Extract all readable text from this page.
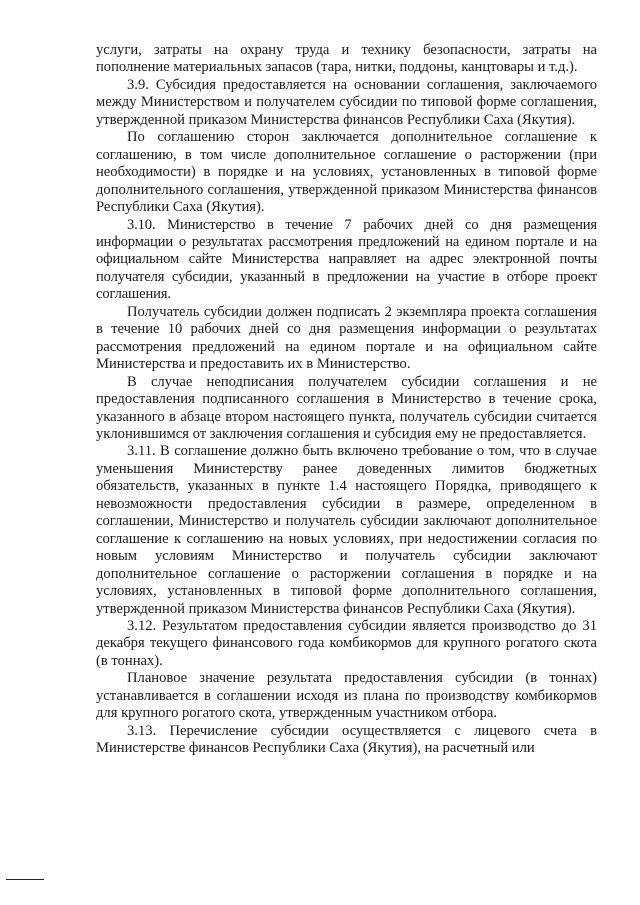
услуги, затраты на охрану труда и технику безопасности, затраты на пополнение материальных запасов (тара, нитки, поддоны, канцтовары и т.д.).

3.9. Субсидия предоставляется на основании соглашения, заключаемого между Министерством и получателем субсидии по типовой форме соглашения, утвержденной приказом Министерства финансов Республики Саха (Якутия).

По соглашению сторон заключается дополнительное соглашение к соглашению, в том числе дополнительное соглашение о расторжении (при необходимости) в порядке и на условиях, установленных в типовой форме дополнительного соглашения, утвержденной приказом Министерства финансов Республики Саха (Якутия).

3.10. Министерство в течение 7 рабочих дней со дня размещения информации о результатах рассмотрения предложений на едином портале и на официальном сайте Министерства направляет на адрес электронной почты получателя субсидии, указанный в предложении на участие в отборе проект соглашения.

Получатель субсидии должен подписать 2 экземпляра проекта соглашения в течение 10 рабочих дней со дня размещения информации о результатах рассмотрения предложений на едином портале и на официальном сайте Министерства и предоставить их в Министерство.

В случае неподписания получателем субсидии соглашения и не предоставления подписанного соглашения в Министерство в течение срока, указанного в абзаце втором настоящего пункта, получатель субсидии считается уклонившимся от заключения соглашения и субсидия ему не предоставляется.

3.11. В соглашение должно быть включено требование о том, что в случае уменьшения Министерству ранее доведенных лимитов бюджетных обязательств, указанных в пункте 1.4 настоящего Порядка, приводящего к невозможности предоставления субсидии в размере, определенном в соглашении, Министерство и получатель субсидии заключают дополнительное соглашение к соглашению на новых условиях, при недостижении согласия по новым условиям Министерство и получатель субсидии заключают дополнительное соглашение о расторжении соглашения в порядке и на условиях, установленных в типовой форме дополнительного соглашения, утвержденной приказом Министерства финансов Республики Саха (Якутия).

3.12. Результатом предоставления субсидии является производство до 31 декабря текущего финансового года комбикормов для крупного рогатого скота (в тоннах).

Плановое значение результата предоставления субсидии (в тоннах) устанавливается в соглашении исходя из плана по производству комбикормов для крупного рогатого скота, утвержденным участником отбора.

3.13. Перечисление субсидии осуществляется с лицевого счета в Министерстве финансов Республики Саха (Якутия), на расчетный или
